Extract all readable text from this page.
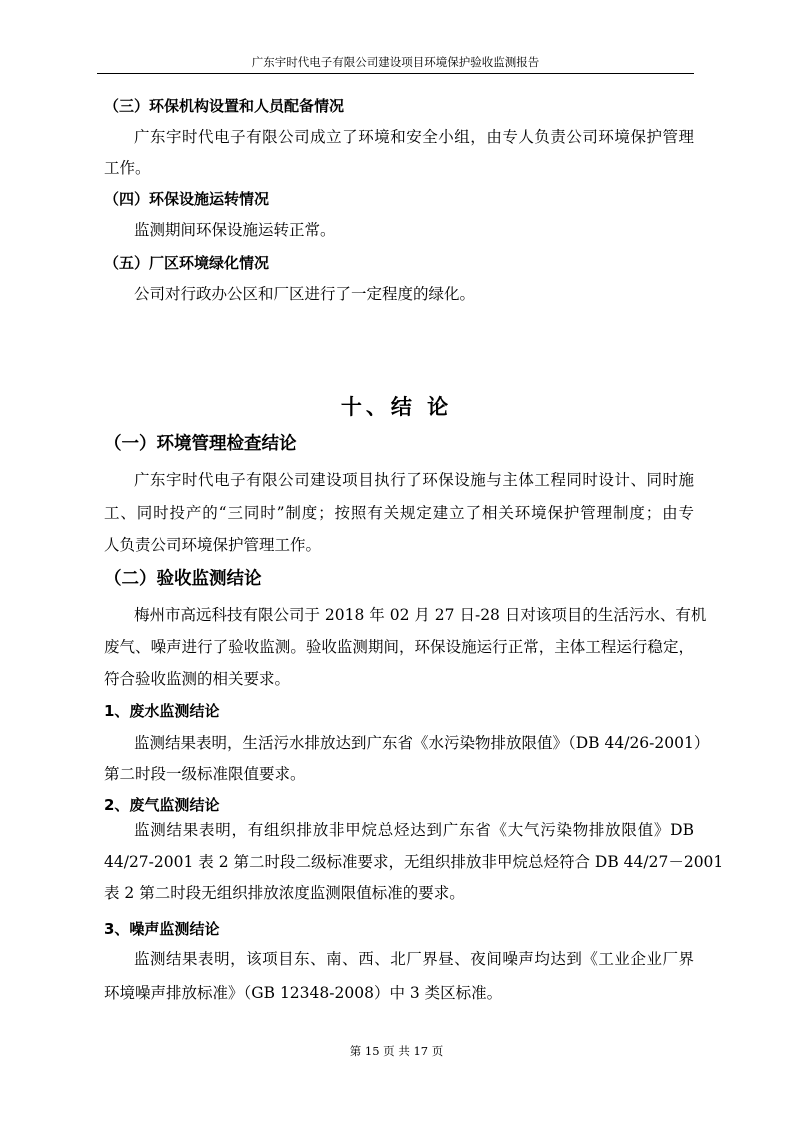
广东宇时代电子有限公司建设项目环境保护验收监测报告
（三）环保机构设置和人员配备情况
广东宇时代电子有限公司成立了环境和安全小组，由专人负责公司环境保护管理
工作。
（四）环保设施运转情况
监测期间环保设施运转正常。
（五）厂区环境绿化情况
公司对行政办公区和厂区进行了一定程度的绿化。
十、结 论
（一）环境管理检查结论
广东宇时代电子有限公司建设项目执行了环保设施与主体工程同时设计、同时施
工、同时投产的“三同时”制度；按照有关规定建立了相关环境保护管理制度；由专
人负责公司环境保护管理工作。
（二）验收监测结论
梅州市高远科技有限公司于 2018 年 02 月 27 日-28 日对该项目的生活污水、有机
废气、噪声进行了验收监测。验收监测期间，环保设施运行正常，主体工程运行稳定，
符合验收监测的相关要求。
1、废水监测结论
监测结果表明，生活污水排放达到广东省《水污染物排放限值》（DB 44/26-2001）
第二时段一级标准限值要求。
2、废气监测结论
监测结果表明，有组织排放非甲烷总烃达到广东省《大气污染物排放限值》DB
44/27-2001 表 2 第二时段二级标准要求，无组织排放非甲烷总烃符合 DB 44/27－2001
表 2 第二时段无组织排放浓度监测限值标准的要求。
3、噪声监测结论
监测结果表明，该项目东、南、西、北厂界昼、夜间噪声均达到《工业企业厂界
环境噪声排放标准》（GB 12348-2008）中 3 类区标准。
第 15 页 共 17 页
